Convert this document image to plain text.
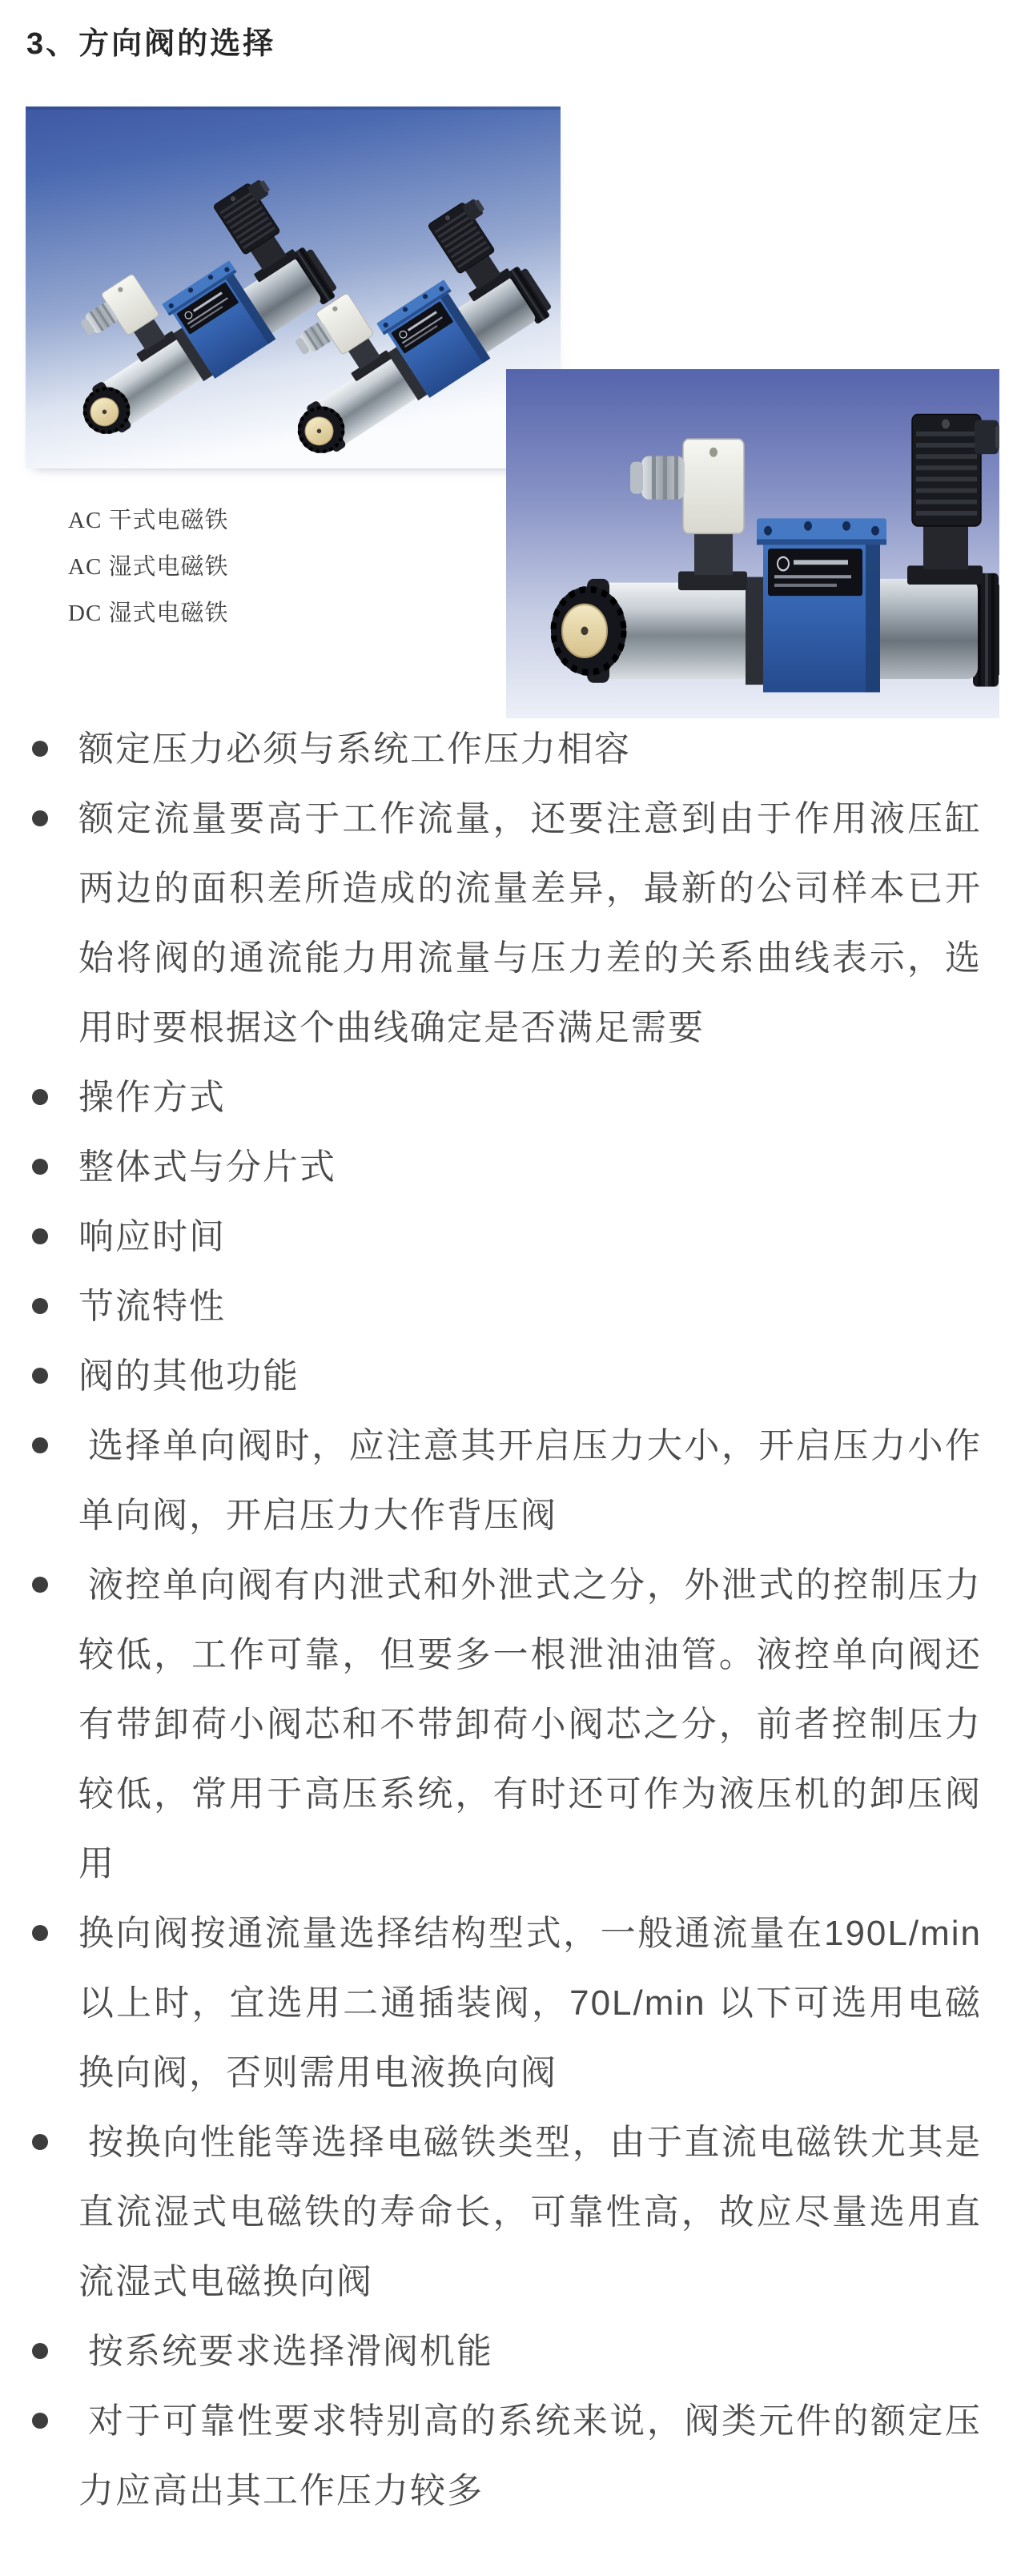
3、方向阀的选择
AC 干式电磁铁
AC 湿式电磁铁
DC 湿式电磁铁
额定压力必须与系统工作压力相容
额定流量要高于工作流量，还要注意到由于作用液压缸两边的面积差所造成的流量差异，最新的公司样本已开始将阀的通流能力用流量与压力差的关系曲线表示，选用时要根据这个曲线确定是否满足需要
操作方式
整体式与分片式
响应时间
节流特性
阀的其他功能
选择单向阀时，应注意其开启压力大小，开启压力小作单向阀，开启压力大作背压阀
液控单向阀有内泄式和外泄式之分，外泄式的控制压力较低，工作可靠，但要多一根泄油油管。液控单向阀还有带卸荷小阀芯和不带卸荷小阀芯之分，前者控制压力较低，常用于高压系统，有时还可作为液压机的卸压阀用
换向阀按通流量选择结构型式，一般通流量在190L/min以上时，宜选用二通插装阀，70L/min 以下可选用电磁换向阀，否则需用电液换向阀
按换向性能等选择电磁铁类型，由于直流电磁铁尤其是直流湿式电磁铁的寿命长，可靠性高，故应尽量选用直流湿式电磁换向阀
按系统要求选择滑阀机能
对于可靠性要求特别高的系统来说，阀类元件的额定压力应高出其工作压力较多
